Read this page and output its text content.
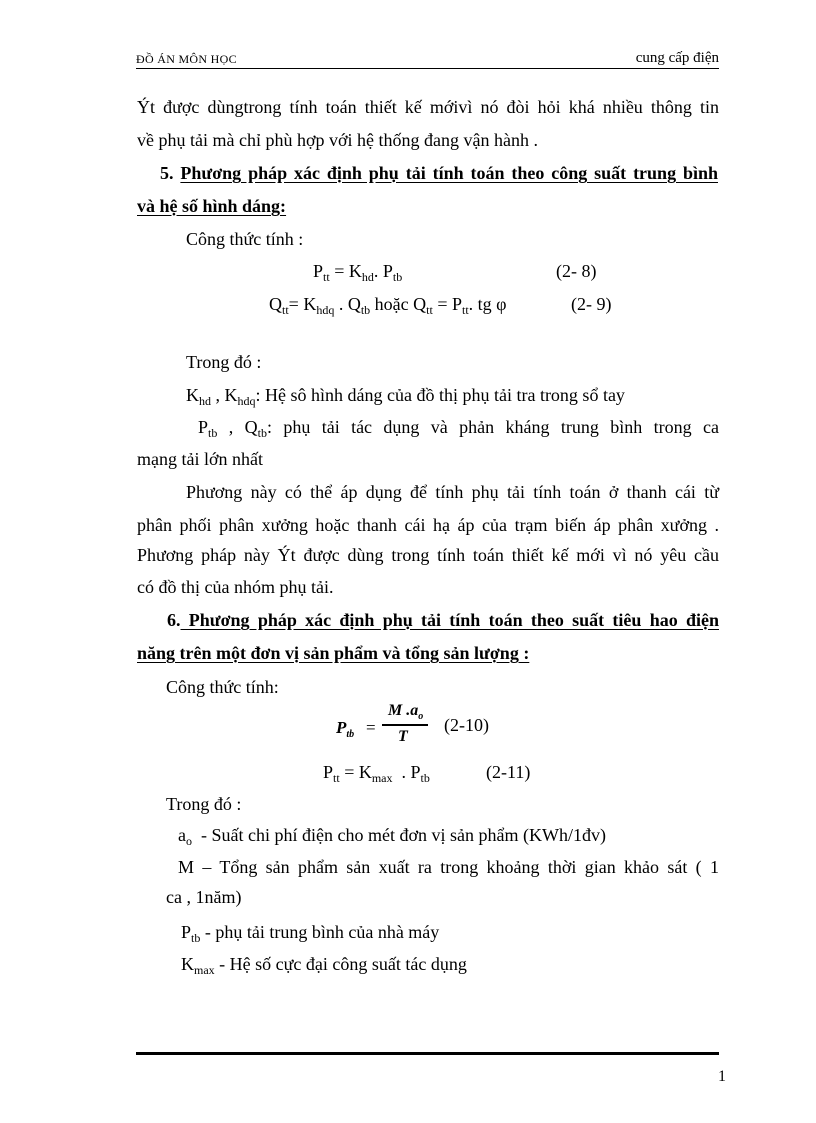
ĐỒ ÁN MÔN HỌC	cung cấp điện
Ýt được dùngtrong tính toán thiết kế mớivì nó đòi hỏi khá nhiều thông tin
về phụ tải mà chỉ phù hợp với hệ thống đang vận hành .
5. Phương pháp xác định phụ tải tính toán theo công suất trung bình
và hệ số hình dáng:
Công thức tính :
$P_{tt} = K_{hd}$. $P_{tb}$	(2- 8)
$Q_{tt}= K_{hdq}$ . $Q_{tb}$ hoặc $Q_{tt} = P_{tt}$. tg φ	(2- 9)
Trong đó :
$K_{hd}$ , $K_{hdq}$: Hệ sô hình dáng của đồ thị phụ tải tra trong sổ tay
$P_{tb}$ , $Q_{tb}$: phụ tải tác dụng và phản kháng trung bình trong ca
mạng tải lớn nhất
Phương này có thể áp dụng để tính phụ tải tính toán ở thanh cái từ
phân phối phân xưởng hoặc thanh cái hạ áp của trạm biến áp phân xưởng .
Phương pháp này Ýt được dùng trong tính toán thiết kế mới vì nó yêu cầu
có đồ thị của nhóm phụ tải.
6. Phương pháp xác định phụ tải tính toán theo suất tiêu hao điện
năng trên một đơn vị sản phẩm và tổng sản lượng :
Công thức tính:
$P_{tb}$ =
M $.a_o$
T
(2-10)
$P_{tt} = K_{max}$  . $P_{tb}$	(2-11)
Trong đó :
$a_o$  - Suất chi phí điện cho mét đơn vị sản phẩm (KWh/1đv)
M – Tổng sản phẩm sản xuất ra trong khoảng thời gian khảo sát ( 1
ca , 1năm)
$P_{tb}$ - phụ tải trung bình của nhà máy
$K_{max}$ - Hệ số cực đại công suất tác dụng
1
